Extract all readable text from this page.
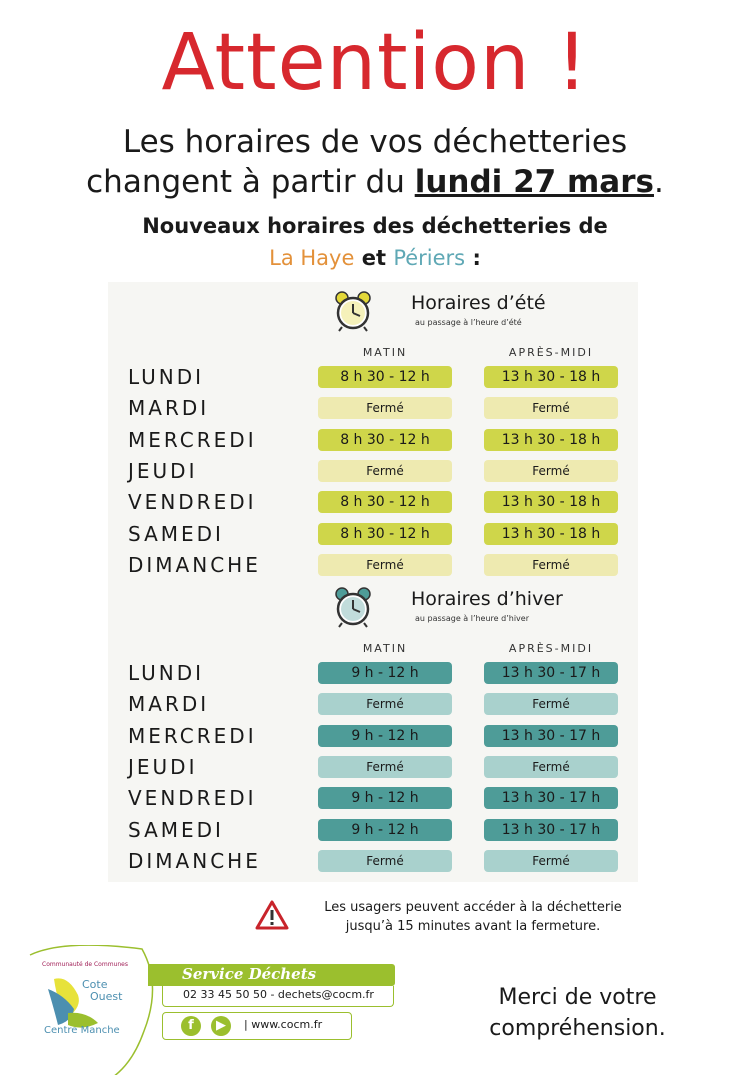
Attention !
Les horaires de vos déchetteries
changent à partir du lundi 27 mars.
Nouveaux horaires des déchetteries de
La Haye et Périers :
Horaires d’été
au passage à l’heure d’été
MATIN	APRÈS-MIDI
LUNDI	8 h 30 - 12 h	13 h 30 - 18 h
MARDI	Fermé	Fermé
MERCREDI	8 h 30 - 12 h	13 h 30 - 18 h
JEUDI	Fermé	Fermé
VENDREDI	8 h 30 - 12 h	13 h 30 - 18 h
SAMEDI	8 h 30 - 12 h	13 h 30 - 18 h
DIMANCHE	Fermé	Fermé
Horaires d’hiver
au passage à l’heure d’hiver
MATIN	APRÈS-MIDI
LUNDI	9 h - 12 h	13 h 30 - 17 h
MARDI	Fermé	Fermé
MERCREDI	9 h - 12 h	13 h 30 - 17 h
JEUDI	Fermé	Fermé
VENDREDI	9 h - 12 h	13 h 30 - 17 h
SAMEDI	9 h - 12 h	13 h 30 - 17 h
DIMANCHE	Fermé	Fermé
Les usagers peuvent accéder à la déchetterie
jusqu’à 15 minutes avant la fermeture.
Communauté de Communes
Cote
Ouest
Centre Manche
Service Déchets
02 33 45 50 50 - dechets@cocm.fr
f	▶	| www.cocm.fr
Merci de votre
compréhension.
